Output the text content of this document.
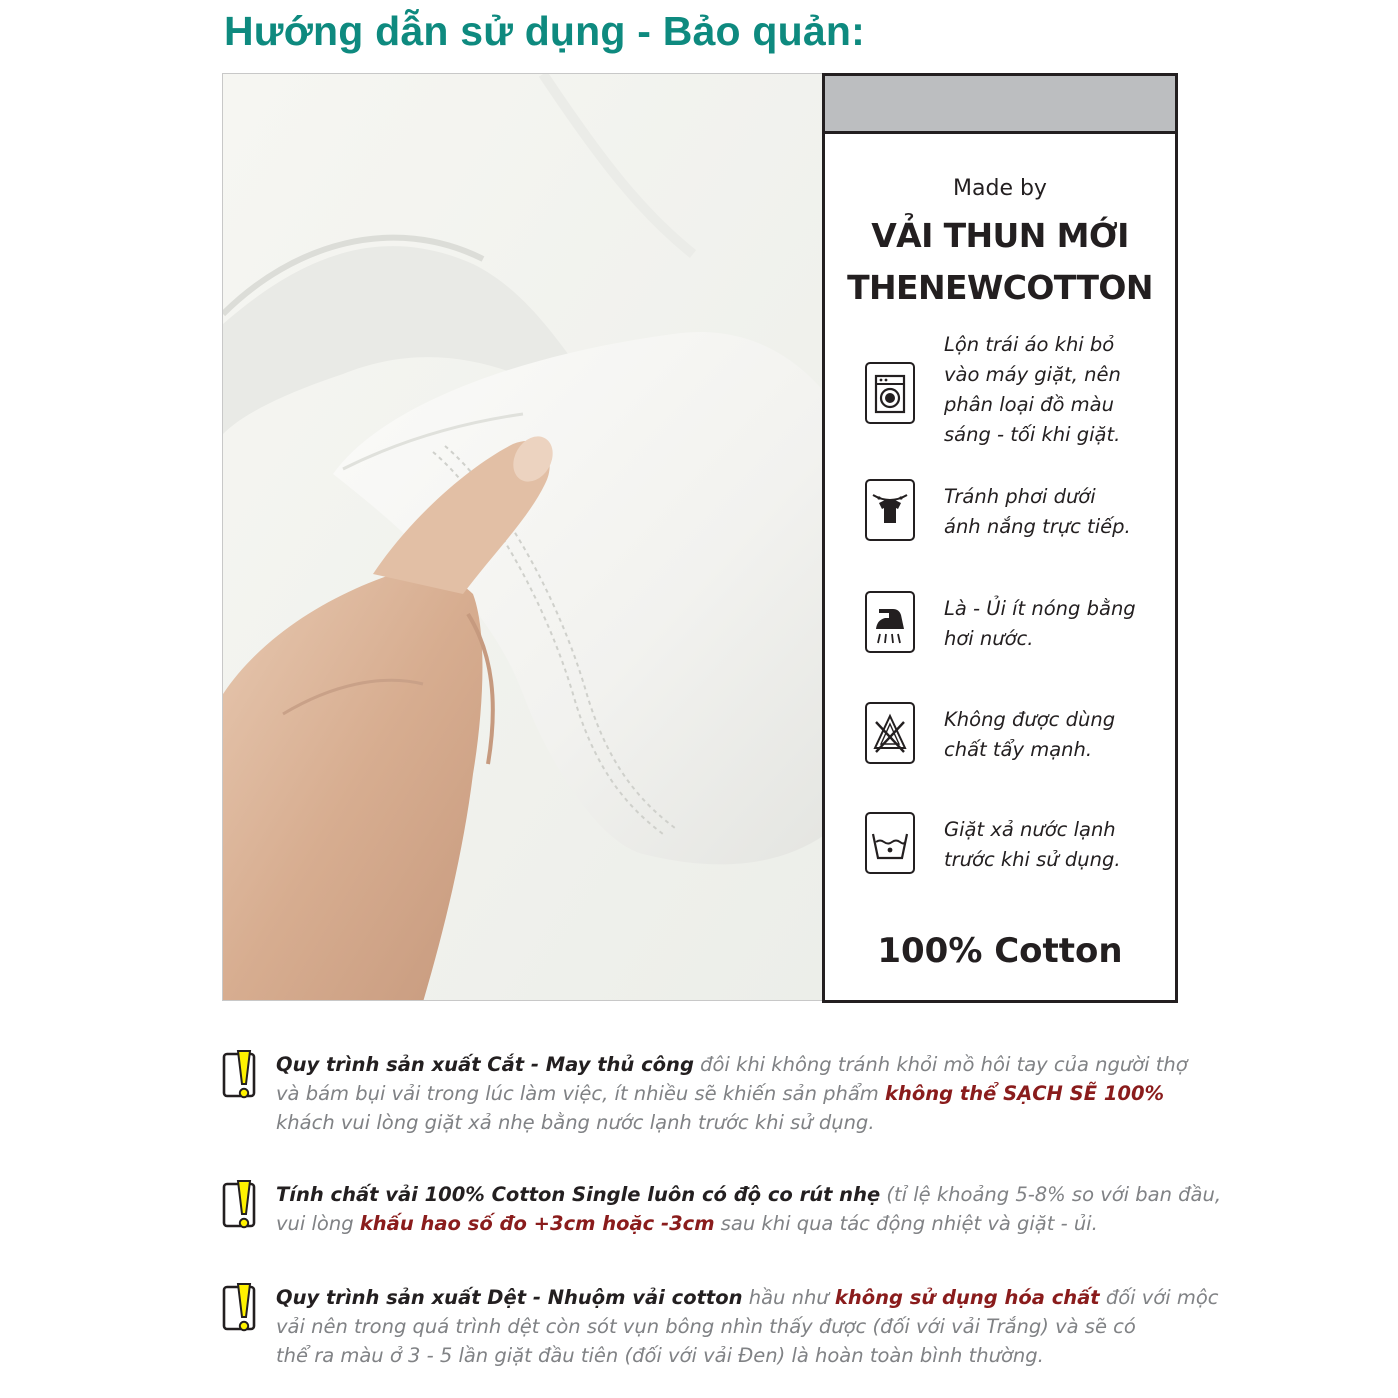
Hướng dẫn sử dụng - Bảo quản:
Made by
VẢI THUN MỚI
THENEWCOTTON
Lộn trái áo khi bỏ
vào máy giặt, nên
phân loại đồ màu
sáng - tối khi giặt.
Tránh phơi dưới
ánh nắng trực tiếp.
Là - Ủi ít nóng bằng
hơi nước.
Không được dùng
chất tẩy mạnh.
Giặt xả nước lạnh
trước khi sử dụng.
100% Cotton
Quy trình sản xuất Cắt - May thủ công đôi khi không tránh khỏi mồ hôi tay của người thợ
và bám bụi vải trong lúc làm việc, ít nhiều sẽ khiến sản phẩm không thể SẠCH SẼ 100%
khách vui lòng giặt xả nhẹ bằng nước lạnh trước khi sử dụng.
Tính chất vải 100% Cotton Single luôn có độ co rút nhẹ (tỉ lệ khoảng 5-8% so với ban đầu,
vui lòng khấu hao số đo +3cm hoặc -3cm sau khi qua tác động nhiệt và giặt - ủi.
Quy trình sản xuất Dệt - Nhuộm vải cotton hầu như không sử dụng hóa chất đối với mộc
vải nên trong quá trình dệt còn sót vụn bông nhìn thấy được (đối với vải Trắng) và sẽ có
thể ra màu ở 3 - 5 lần giặt đầu tiên (đối với vải Đen) là hoàn toàn bình thường.
